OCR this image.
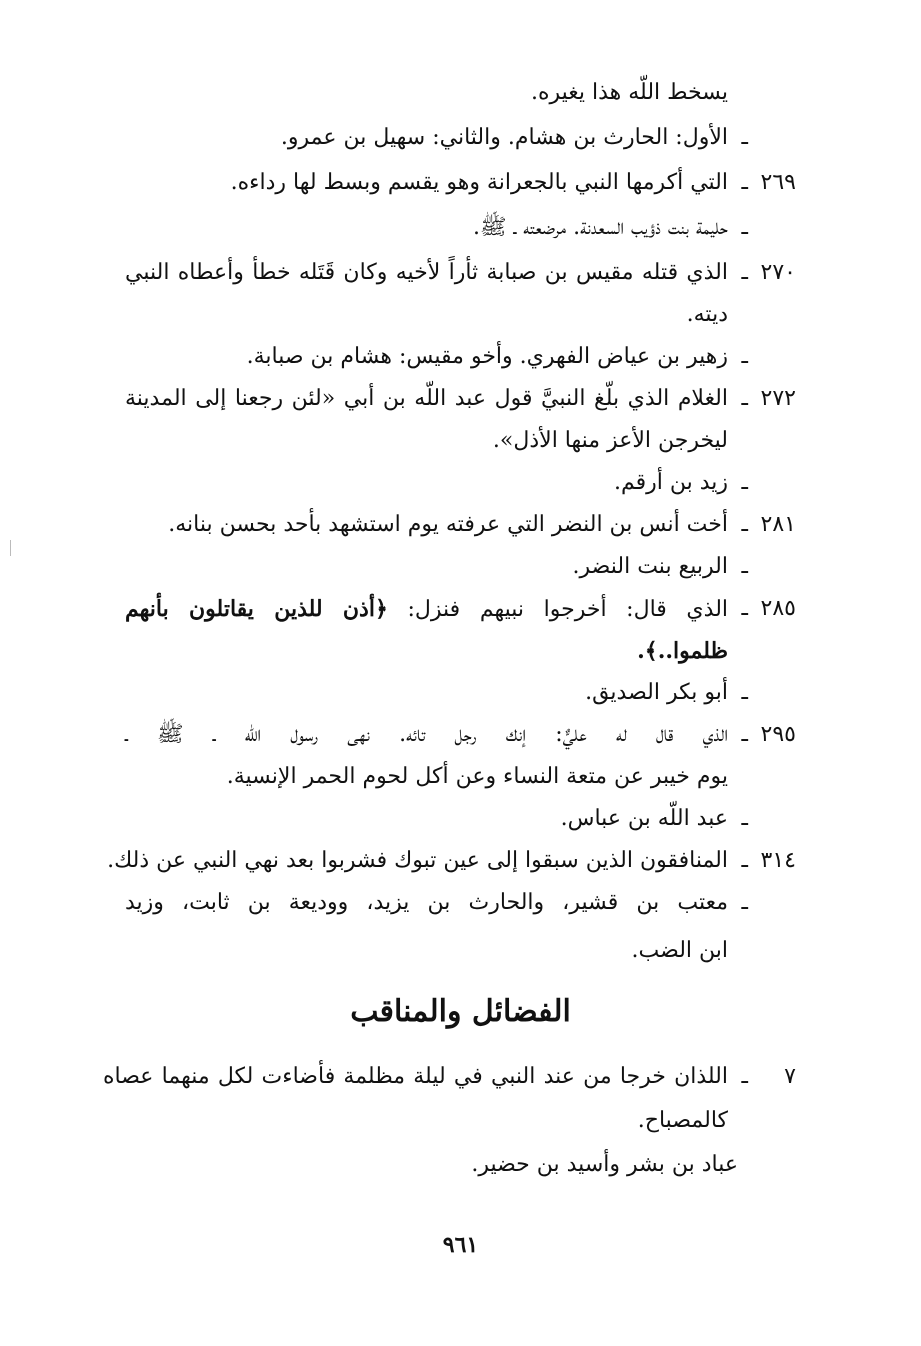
يسخط اللّه هذا يغيره.
ـ
الأول: الحارث بن هشام. والثاني: سهيل بن عمرو.
٢٦٩
ـ
التي أكرمها النبي بالجعرانة وهو يقسم وبسط لها رداءه.
ـ
حليمة بنت ذؤيب السعدنة. مرضعته ـ ﷺ.
٢٧٠
ـ
الذي قتله مقيس بن صبابة ثأراً لأخيه وكان قَتَله خطأ وأعطاه النبي
ديته.
ـ
زهير بن عياض الفهري. وأخو مقيس: هشام بن صبابة.
٢٧٢
ـ
الغلام الذي بلّغ النبيَّ قول عبد اللّه بن أبي «لئن رجعنا إلى المدينة
ليخرجن الأعز منها الأذل».
ـ
زيد بن أرقم.
٢٨١
ـ
أخت أنس بن النضر التي عرفته يوم استشهد بأحد بحسن بنانه.
ـ
الربيع بنت النضر.
٢٨٥
ـ
الذي قال: أخرجوا نبيهم فنزل: ﴿أذن للذين يقاتلون بأنهم
ظلموا..﴾.
ـ
أبو بكر الصديق.
٢٩٥
ـ
الذي قال له عليٌّ: إنك رجل تائه. نهى رسول اللّه ـ ﷺ ـ
يوم خيبر عن متعة النساء وعن أكل لحوم الحمر الإنسية.
ـ
عبد اللّه بن عباس.
٣١٤
ـ
المنافقون الذين سبقوا إلى عين تبوك فشربوا بعد نهي النبي عن ذلك.
ـ
معتب بن قشير، والحارث بن يزيد، ووديعة بن ثابت، وزيد
ابن الضب.
الفضائل والمناقب
٧
ـ
اللذان خرجا من عند النبي في ليلة مظلمة فأضاءت لكل منهما عصاه
كالمصباح.
عباد بن بشر وأسيد بن حضير.
٩٦١
